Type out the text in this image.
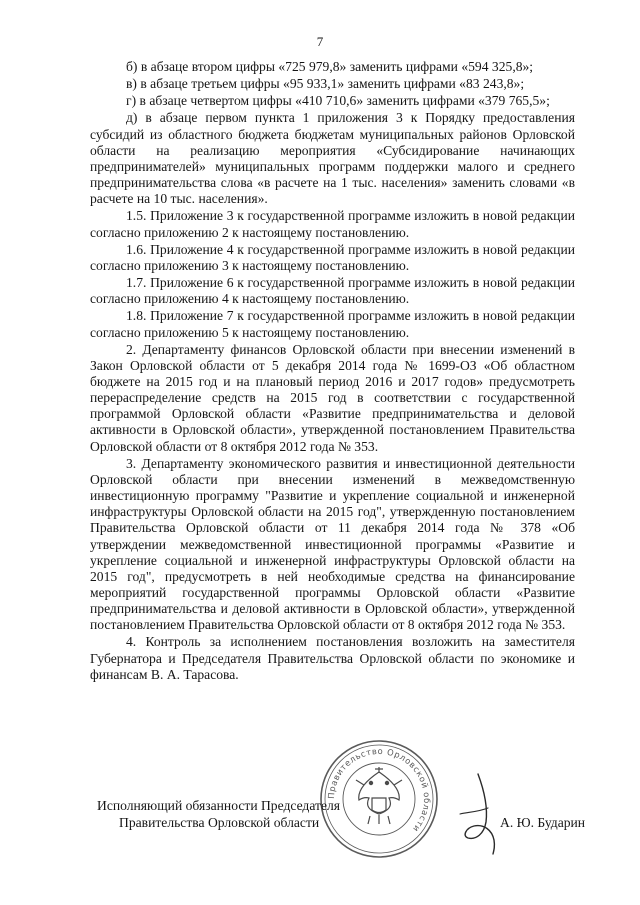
7

б) в абзаце втором цифры «725 979,8» заменить цифрами «594 325,8»;

в) в абзаце третьем цифры «95 933,1» заменить цифрами «83 243,8»;

г) в абзаце четвертом цифры «410 710,6» заменить цифрами «379 765,5»;

д) в абзаце первом пункта 1 приложения 3 к Порядку предоставления субсидий из областного бюджета бюджетам муниципальных районов Орловской области на реализацию мероприятия «Субсидирование начинающих предпринимателей» муниципальных программ поддержки малого и среднего предпринимательства слова «в расчете на 1 тыс. населения» заменить словами «в расчете на 10 тыс. населения».

1.5. Приложение 3 к государственной программе изложить в новой редакции согласно приложению 2 к настоящему постановлению.

1.6. Приложение 4 к государственной программе изложить в новой редакции согласно приложению 3 к настоящему постановлению.

1.7. Приложение 6 к государственной программе изложить в новой редакции согласно приложению 4 к настоящему постановлению.

1.8. Приложение 7 к государственной программе изложить в новой редакции согласно приложению 5 к настоящему постановлению.

2. Департаменту финансов Орловской области при внесении изменений в Закон Орловской области от 5 декабря 2014 года № 1699-ОЗ «Об областном бюджете на 2015 год и на плановый период 2016 и 2017 годов» предусмотреть перераспределение средств на 2015 год в соответствии с государственной программой Орловской области «Развитие предпринимательства и деловой активности в Орловской области», утвержденной постановлением Правительства Орловской области от 8 октября 2012 года № 353.

3. Департаменту экономического развития и инвестиционной деятельности Орловской области при внесении изменений в межведомственную инвестиционную программу "Развитие и укрепление социальной и инженерной инфраструктуры Орловской области на 2015 год", утвержденную постановлением Правительства Орловской области от 11 декабря 2014 года № 378 «Об утверждении межведомственной инвестиционной программы «Развитие и укрепление социальной и инженерной инфраструктуры Орловской области на 2015 год", предусмотреть в ней необходимые средства на финансирование мероприятий государственной программы Орловской области «Развитие предпринимательства и деловой активности в Орловской области», утвержденной постановлением Правительства Орловской области от 8 октября 2012 года № 353.

4. Контроль за исполнением постановления возложить на заместителя Губернатора и Председателя Правительства Орловской области по экономике и финансам В. А. Тарасова.

Правительство Орловской области
Исполняющий обязанности Председателя
Правительства Орловской области	А. Ю. Бударин
